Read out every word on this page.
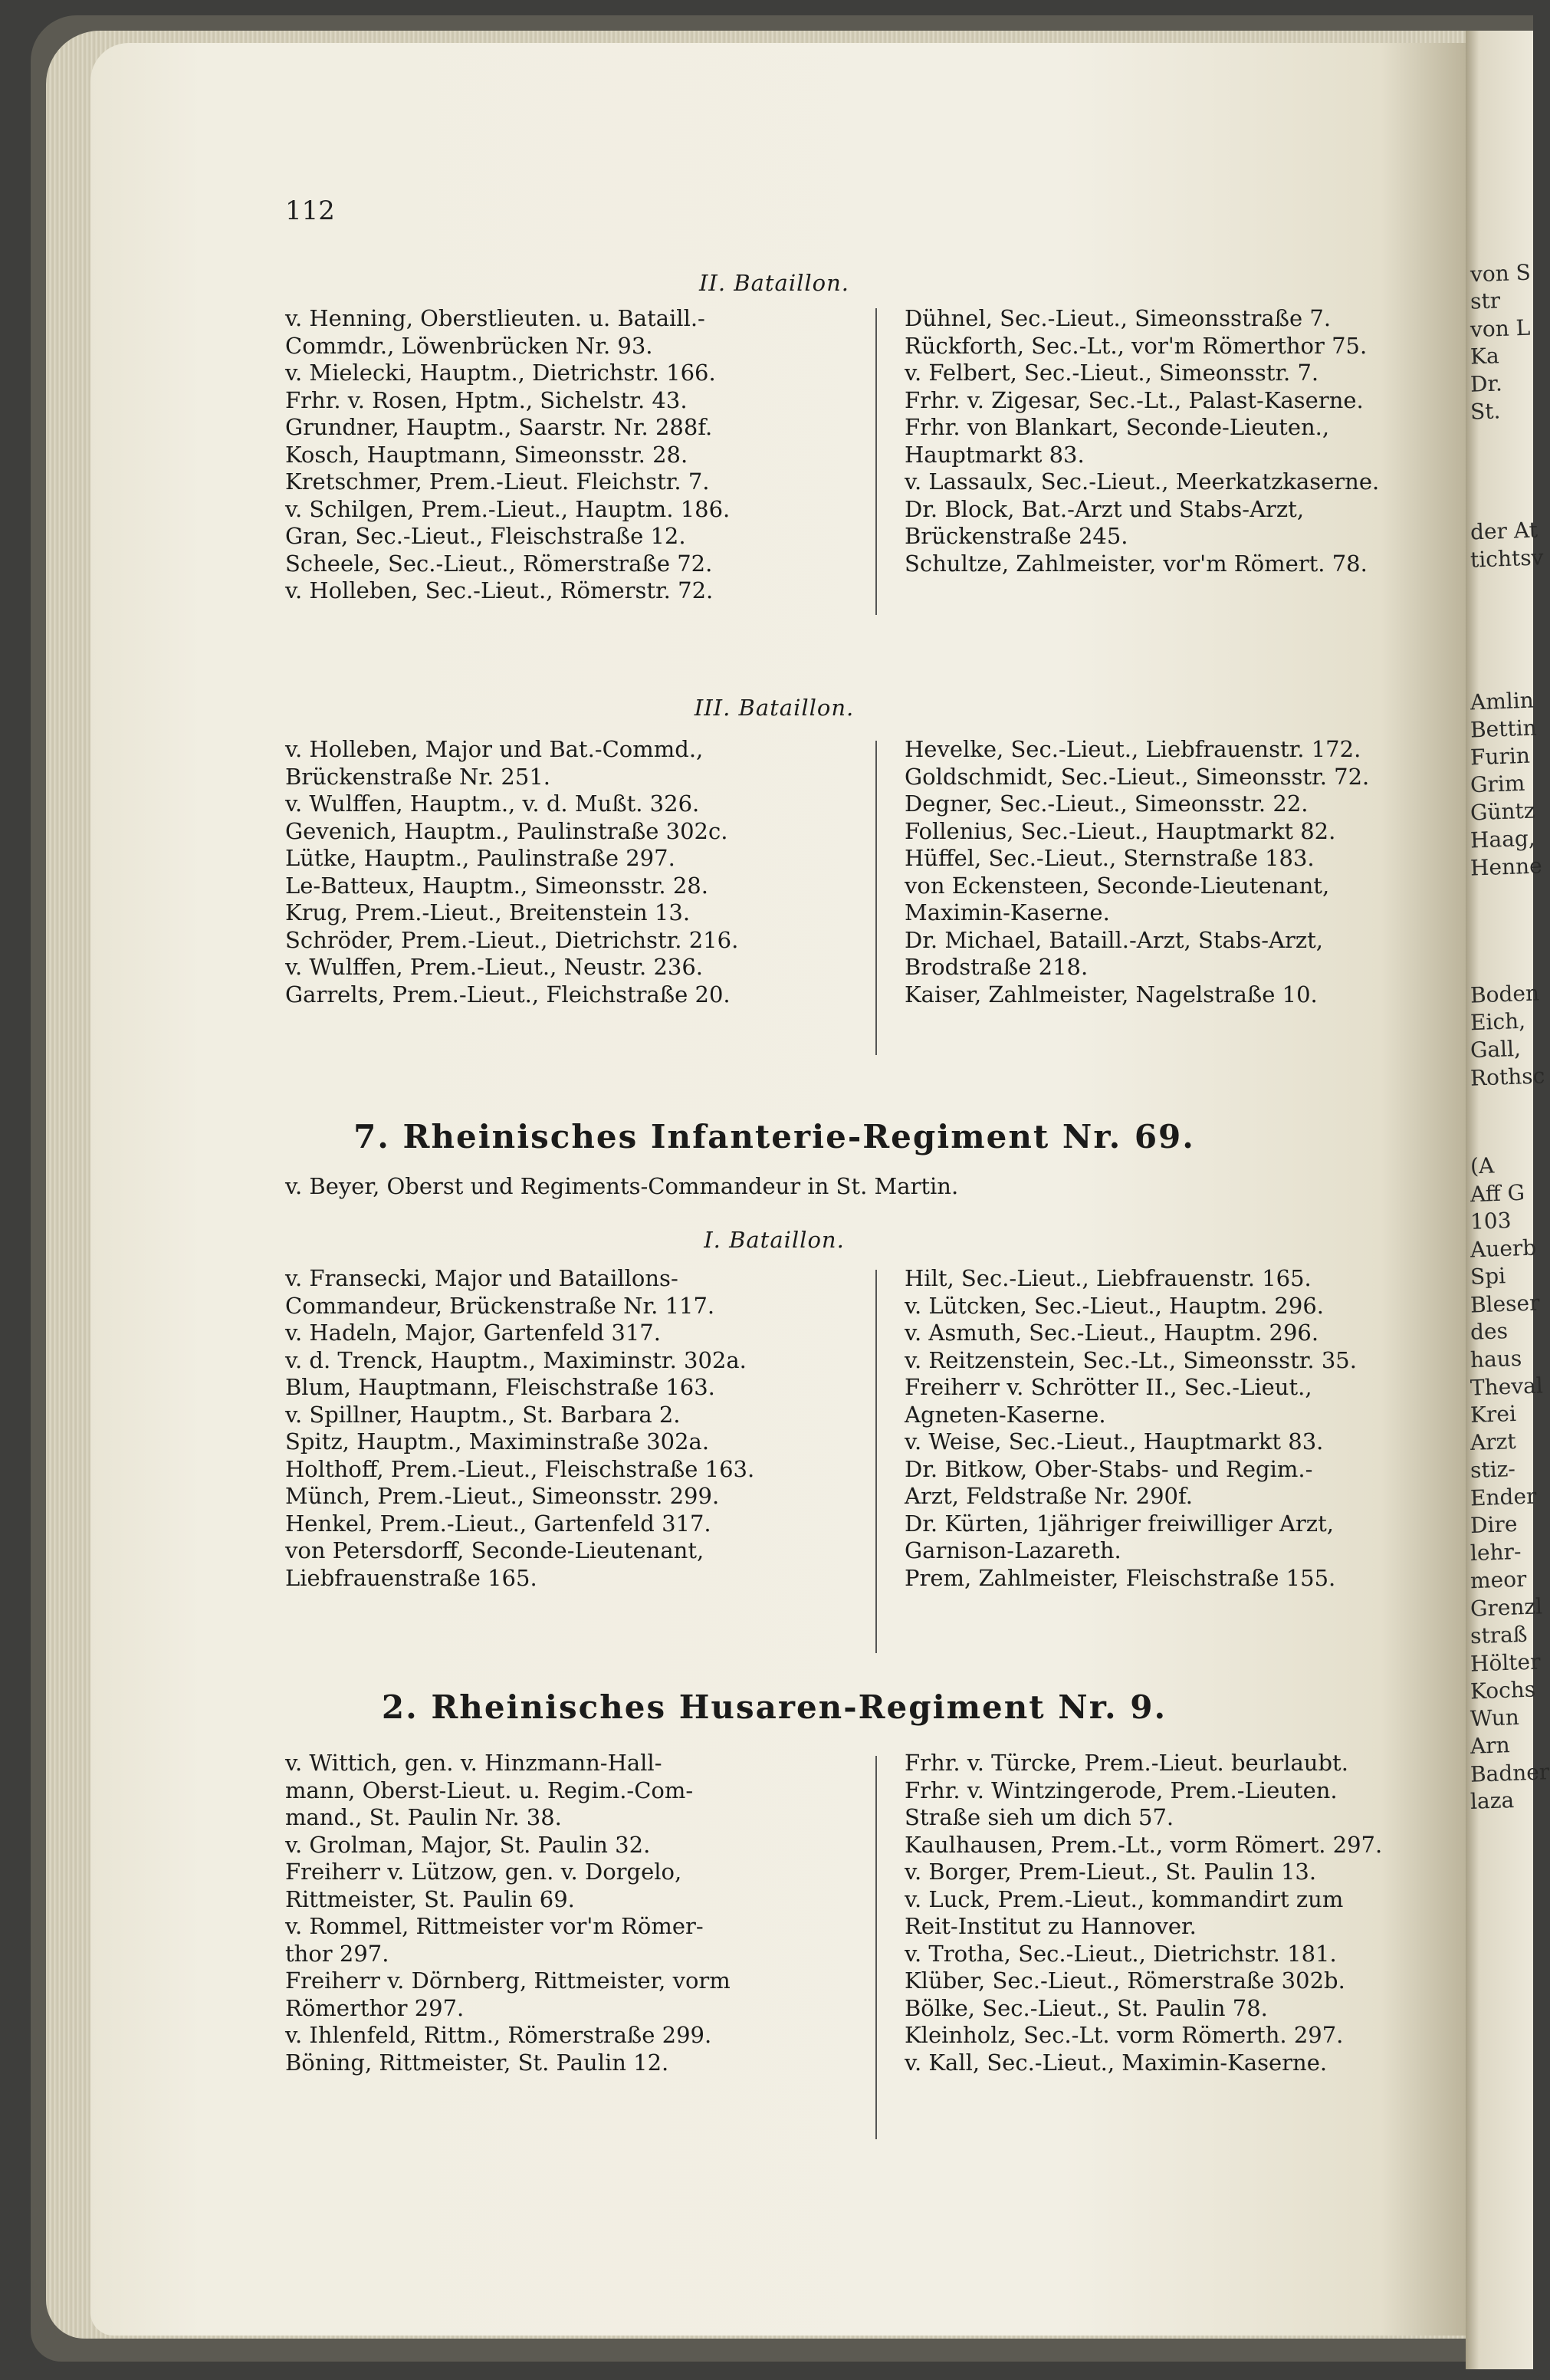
von S
str
von L
Ka
Dr.
St.
der At
tichtsv
Amlin
Bettin
Furin
Grim
Güntz
Haag,
Henne
Boden
Eich,
Gall,
Rothsc
(A
Aff G
103
Auerb
Spi
Bleser
des
haus
Theval
Krei
Arzt
stiz-
Ender
Dire
lehr-
meor
Grenzl
straß
Hölter
Kochs
Wun
Arn
Badner
laza
112
II. Bataillon.
v. Henning, Oberstlieuten. u. Bataill.-
Commdr., Löwenbrücken Nr. 93.
v. Mielecki, Hauptm., Dietrichstr. 166.
Frhr. v. Rosen, Hptm., Sichelstr. 43.
Grundner, Hauptm., Saarstr. Nr. 288f.
Kosch, Hauptmann, Simeonsstr. 28.
Kretschmer, Prem.-Lieut. Fleichstr. 7.
v. Schilgen, Prem.-Lieut., Hauptm. 186.
Gran, Sec.-Lieut., Fleischstraße 12.
Scheele, Sec.-Lieut., Römerstraße 72.
v. Holleben, Sec.-Lieut., Römerstr. 72.
Dühnel, Sec.-Lieut., Simeonsstraße 7.
Rückforth, Sec.-Lt., vor'm Römerthor 75.
v. Felbert, Sec.-Lieut., Simeonsstr. 7.
Frhr. v. Zigesar, Sec.-Lt., Palast-Kaserne.
Frhr. von Blankart, Seconde-Lieuten.,
Hauptmarkt 83.
v. Lassaulx, Sec.-Lieut., Meerkatzkaserne.
Dr. Block, Bat.-Arzt und Stabs-Arzt,
Brückenstraße 245.
Schultze, Zahlmeister, vor'm Römert. 78.
III. Bataillon.
v. Holleben, Major und Bat.-Commd.,
Brückenstraße Nr. 251.
v. Wulffen, Hauptm., v. d. Mußt. 326.
Gevenich, Hauptm., Paulinstraße 302c.
Lütke, Hauptm., Paulinstraße 297.
Le-Batteux, Hauptm., Simeonsstr. 28.
Krug, Prem.-Lieut., Breitenstein 13.
Schröder, Prem.-Lieut., Dietrichstr. 216.
v. Wulffen, Prem.-Lieut., Neustr. 236.
Garrelts, Prem.-Lieut., Fleichstraße 20.
Hevelke, Sec.-Lieut., Liebfrauenstr. 172.
Goldschmidt, Sec.-Lieut., Simeonsstr. 72.
Degner, Sec.-Lieut., Simeonsstr. 22.
Follenius, Sec.-Lieut., Hauptmarkt 82.
Hüffel, Sec.-Lieut., Sternstraße 183.
von Eckensteen, Seconde-Lieutenant,
Maximin-Kaserne.
Dr. Michael, Bataill.-Arzt, Stabs-Arzt,
Brodstraße 218.
Kaiser, Zahlmeister, Nagelstraße 10.
7. Rheinisches Infanterie-Regiment Nr. 69.
v. Beyer, Oberst und Regiments-Commandeur in St. Martin.
I. Bataillon.
v. Fransecki, Major und Bataillons-
Commandeur, Brückenstraße Nr. 117.
v. Hadeln, Major, Gartenfeld 317.
v. d. Trenck, Hauptm., Maximinstr. 302a.
Blum, Hauptmann, Fleischstraße 163.
v. Spillner, Hauptm., St. Barbara 2.
Spitz, Hauptm., Maximinstraße 302a.
Holthoff, Prem.-Lieut., Fleischstraße 163.
Münch, Prem.-Lieut., Simeonsstr. 299.
Henkel, Prem.-Lieut., Gartenfeld 317.
von Petersdorff, Seconde-Lieutenant,
Liebfrauenstraße 165.
Hilt, Sec.-Lieut., Liebfrauenstr. 165.
v. Lütcken, Sec.-Lieut., Hauptm. 296.
v. Asmuth, Sec.-Lieut., Hauptm. 296.
v. Reitzenstein, Sec.-Lt., Simeonsstr. 35.
Freiherr v. Schrötter II., Sec.-Lieut.,
Agneten-Kaserne.
v. Weise, Sec.-Lieut., Hauptmarkt 83.
Dr. Bitkow, Ober-Stabs- und Regim.-
Arzt, Feldstraße Nr. 290f.
Dr. Kürten, 1jähriger freiwilliger Arzt,
Garnison-Lazareth.
Prem, Zahlmeister, Fleischstraße 155.
2. Rheinisches Husaren-Regiment Nr. 9.
v. Wittich, gen. v. Hinzmann-Hall-
mann, Oberst-Lieut. u. Regim.-Com-
mand., St. Paulin Nr. 38.
v. Grolman, Major, St. Paulin 32.
Freiherr v. Lützow, gen. v. Dorgelo,
Rittmeister, St. Paulin 69.
v. Rommel, Rittmeister vor'm Römer-
thor 297.
Freiherr v. Dörnberg, Rittmeister, vorm
Römerthor 297.
v. Ihlenfeld, Rittm., Römerstraße 299.
Böning, Rittmeister, St. Paulin 12.
Frhr. v. Türcke, Prem.-Lieut. beurlaubt.
Frhr. v. Wintzingerode, Prem.-Lieuten.
Straße sieh um dich 57.
Kaulhausen, Prem.-Lt., vorm Römert. 297.
v. Borger, Prem-Lieut., St. Paulin 13.
v. Luck, Prem.-Lieut., kommandirt zum
Reit-Institut zu Hannover.
v. Trotha, Sec.-Lieut., Dietrichstr. 181.
Klüber, Sec.-Lieut., Römerstraße 302b.
Bölke, Sec.-Lieut., St. Paulin 78.
Kleinholz, Sec.-Lt. vorm Römerth. 297.
v. Kall, Sec.-Lieut., Maximin-Kaserne.
